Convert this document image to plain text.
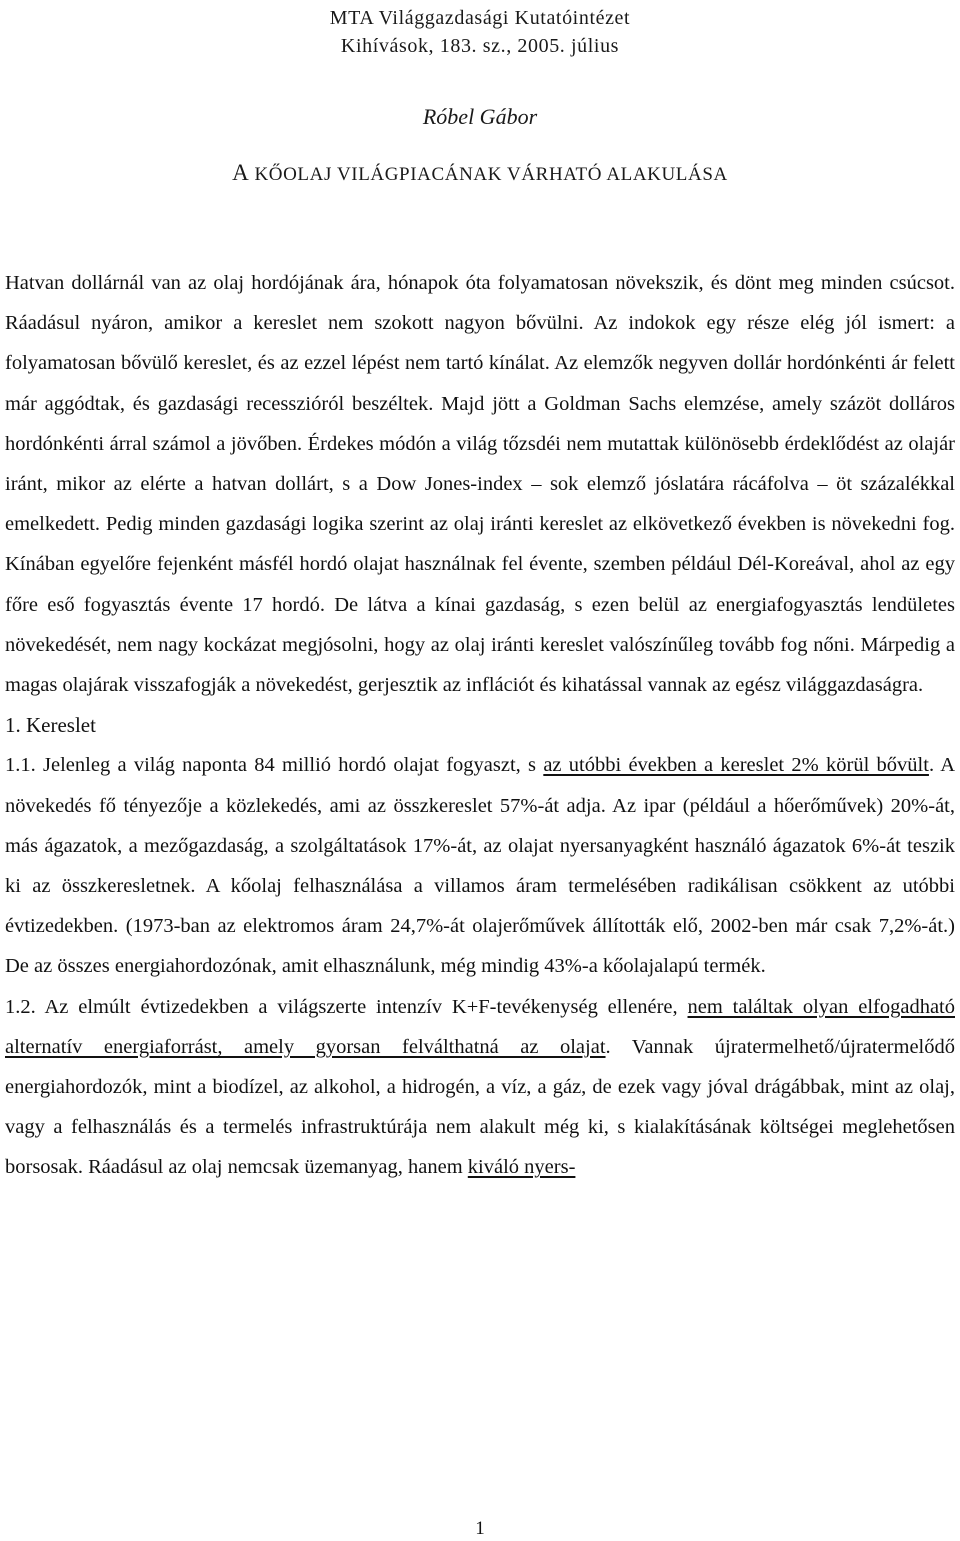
MTA Világgazdasági Kutatóintézet
Kihívások, 183. sz., 2005. július
Róbel Gábor
A KŐOLAJ VILÁGPIACÁNAK VÁRHATÓ ALAKULÁSA

Hatvan dollárnál van az olaj hordójának ára, hónapok óta folyamatosan növekszik, és dönt meg minden csúcsot. Ráadásul nyáron, amikor a kereslet nem szokott nagyon bővülni. Az indokok egy része elég jól ismert: a folyamatosan bővülő kereslet, és az ezzel lépést nem tartó kínálat. Az elemzők negyven dollár hordónkénti ár felett már aggódtak, és gazdasági recesszióról beszéltek. Majd jött a Goldman Sachs elemzése, amely százöt dolláros hordónkénti árral számol a jövőben. Érdekes módón a világ tőzsdéi nem mutattak különösebb érdeklődést az olajár iránt, mikor az elérte a hatvan dollárt, s a Dow Jones-index – sok elemző jóslatára rácáfolva – öt százalékkal emelkedett. Pedig minden gazdasági logika szerint az olaj iránti kereslet az elkövetkező években is növekedni fog. Kínában egyelőre fejenként másfél hordó olajat használnak fel évente, szemben például Dél-Koreával, ahol az egy főre eső fogyasztás évente 17 hordó. De látva a kínai gazdaság, s ezen belül az energiafogyasztás lendületes növekedését, nem nagy kockázat megjósolni, hogy az olaj iránti kereslet valószínűleg tovább fog nőni. Márpedig a magas olajárak visszafogják a növekedést, gerjesztik az inflációt és kihatással vannak az egész világgazdaságra.

1. Kereslet

1.1. Jelenleg a világ naponta 84 millió hordó olajat fogyaszt, s az utóbbi években a kereslet 2% körül bővült. A növekedés fő tényezője a közlekedés, ami az összkereslet 57%-át adja. Az ipar (például a hőerőművek) 20%-át, más ágazatok, a mezőgazdaság, a szolgáltatások 17%-át, az olajat nyersanyagként használó ágazatok 6%-át teszik ki az összkeresletnek. A kőolaj felhasználása a villamos áram termelésében radikálisan csökkent az utóbbi évtizedekben. (1973-ban az elektromos áram 24,7%-át olajerőművek állították elő, 2002-ben már csak 7,2%-át.) De az összes energiahordozónak, amit elhasználunk, még mindig 43%-a kőolajalapú termék.

1.2. Az elmúlt évtizedekben a világszerte intenzív K+F-tevékenység ellenére, nem találtak olyan elfogadható alternatív energiaforrást, amely gyorsan felválthatná az olajat. Vannak újratermelhető/újratermelődő energiahordozók, mint a biodízel, az alkohol, a hidrogén, a víz, a gáz, de ezek vagy jóval drágábbak, mint az olaj, vagy a felhasználás és a termelés infrastruktúrája nem alakult még ki, s kialakításának költségei meglehetősen borsosak. Ráadásul az olaj nemcsak üzemanyag, hanem kiváló nyers-

1
